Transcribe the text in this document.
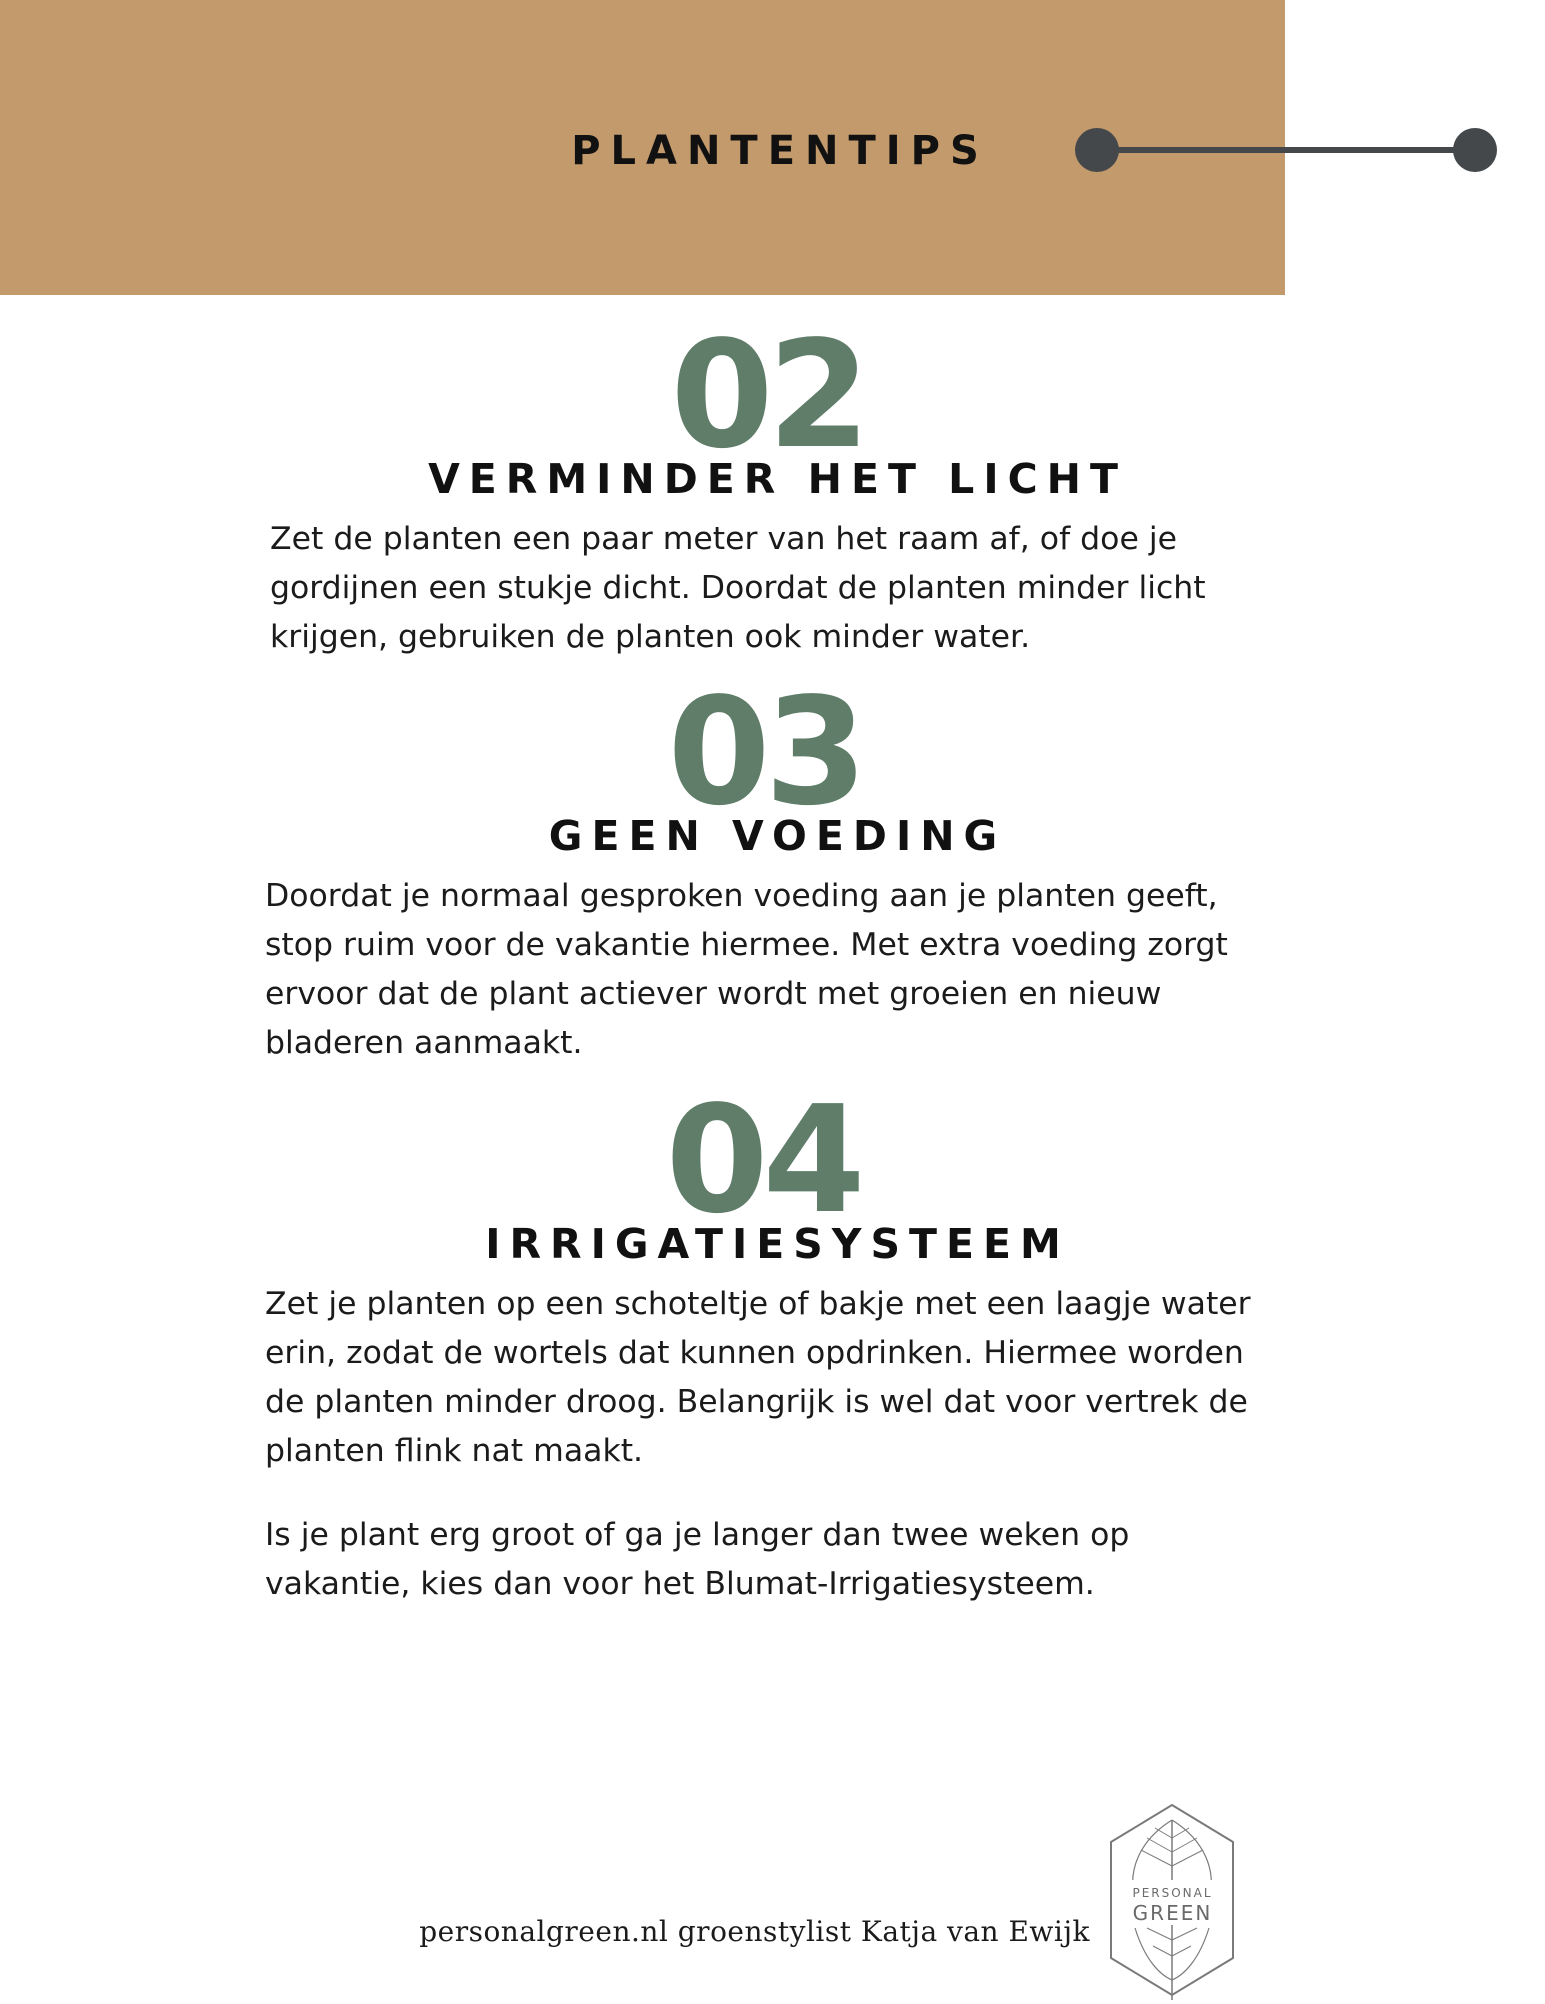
PLANTENTIPS
02
VERMINDER HET LICHT

Zet de planten een paar meter van het raam af, of doe je gordijnen een stukje dicht. Doordat de planten minder licht krijgen, gebruiken de planten ook minder water.

03
GEEN VOEDING

Doordat je normaal gesproken voeding aan je planten geeft, stop ruim voor de vakantie hiermee. Met extra voeding zorgt ervoor dat de plant actiever wordt met groeien en nieuw bladeren aanmaakt.

04
IRRIGATIESYSTEEM

Zet je planten op een schoteltje of bakje met een laagje water erin, zodat de wortels dat kunnen opdrinken. Hiermee worden de planten minder droog. Belangrijk is wel dat voor vertrek de planten flink nat maakt.

Is je plant erg groot of ga je langer dan twee weken op vakantie, kies dan voor het Blumat-Irrigatiesysteem.

personalgreen.nl groenstylist Katja van Ewijk
PERSONAL
GREEN
